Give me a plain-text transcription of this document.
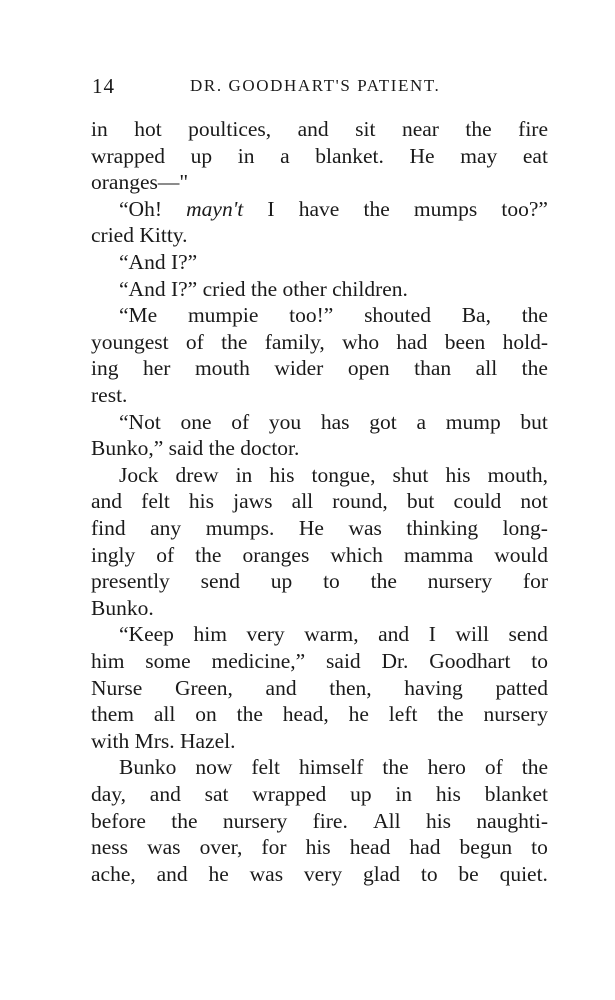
14	DR. GOODHART'S PATIENT.
in hot poultices, and sit near the fire
wrapped up in a blanket. He may eat
oranges—"
“Oh! mayn't I have the mumps too?”
cried Kitty.
“And I?”
“And I?” cried the other children.
“Me mumpie too!” shouted Ba, the
youngest of the family, who had been hold-
ing her mouth wider open than all the
rest.
“Not one of you has got a mump but
Bunko,” said the doctor.
Jock drew in his tongue, shut his mouth,
and felt his jaws all round, but could not
find any mumps. He was thinking long-
ingly of the oranges which mamma would
presently send up to the nursery for
Bunko.
“Keep him very warm, and I will send
him some medicine,” said Dr. Goodhart to
Nurse Green, and then, having patted
them all on the head, he left the nursery
with Mrs. Hazel.
Bunko now felt himself the hero of the
day, and sat wrapped up in his blanket
before the nursery fire. All his naughti-
ness was over, for his head had begun to
ache, and he was very glad to be quiet.
